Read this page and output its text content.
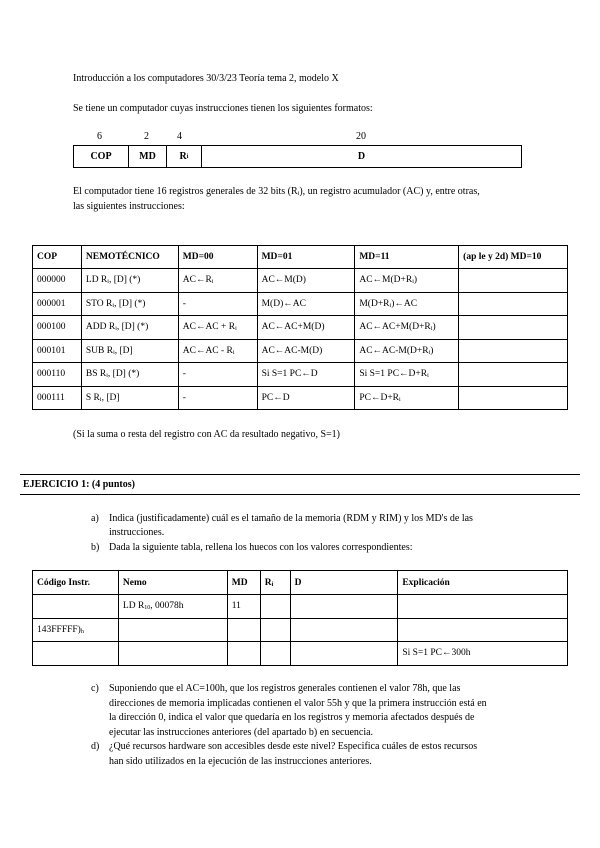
Introducción a los computadores 30/3/23 Teoría tema 2, modelo X
Se tiene un computador cuyas instrucciones tienen los siguientes formatos:
6	2	4	20
COP	MD	R i	D
El computador tiene 16 registros generales de 32 bits $(R_i)$, un registro acumulador (AC) y, entre otras,
las siguientes instrucciones:
COP	NEMOTÉCNICO	MD=00	MD=01	MD=11	(ap le y 2d) MD=10
000000	LD $R_i$, [D] (*)	$AC\leftarrow R_i$	AC←M(D)	$AC\leftarrow M(D+R_i)$	
000001	STO $R_i$, [D] (*)	-	M(D)←AC	$M(D+R_i)\leftarrow AC$	
000100	ADD $R_i$, [D] (*)	AC←AC + $R_i$	AC←AC+M(D)	$AC\leftarrow AC+M(D+R_i)$	
000101	SUB $R_i$, [D]	AC←AC - $R_i$	AC←AC-M(D)	$AC\leftarrow AC-M(D+R_i)$	
000110	BS $R_i$, [D] (*)	-	Si S=1 PC←D	Si S=1 $PC\leftarrow D+R_i$	
000111	S $R_i$, [D]	-	PC←D	$PC\leftarrow D+R_i$	
(Si la suma o resta del registro con AC da resultado negativo, S=1)
EJERCICIO 1: (4 puntos)
a)	Indica (justificadamente) cuál es el tamaño de la memoria (RDM y RIM) y los MD's de las
instrucciones.
b) Dada la siguiente tabla, rellena los huecos con los valores correspondientes:
Código Instr.	Nemo	MD	$R_i$	D	Explicación
	LD $R_{10}$, 00078h	11			
$143FFFFF)_h$					
					Si S=1 PC←300h
c)	Suponiendo que el AC=100h, que los registros generales contienen el valor 78h, que las
direcciones de memoria implicadas contienen el valor 55h y que la primera instrucción está en
la dirección 0, indica el valor que quedaría en los registros y memoria afectados después de
ejecutar las instrucciones anteriores (del apartado b) en secuencia.
d) ¿Qué recursos hardware son accesibles desde este nivel? Especifica cuáles de estos recursos
han sido utilizados en la ejecución de las instrucciones anteriores.
